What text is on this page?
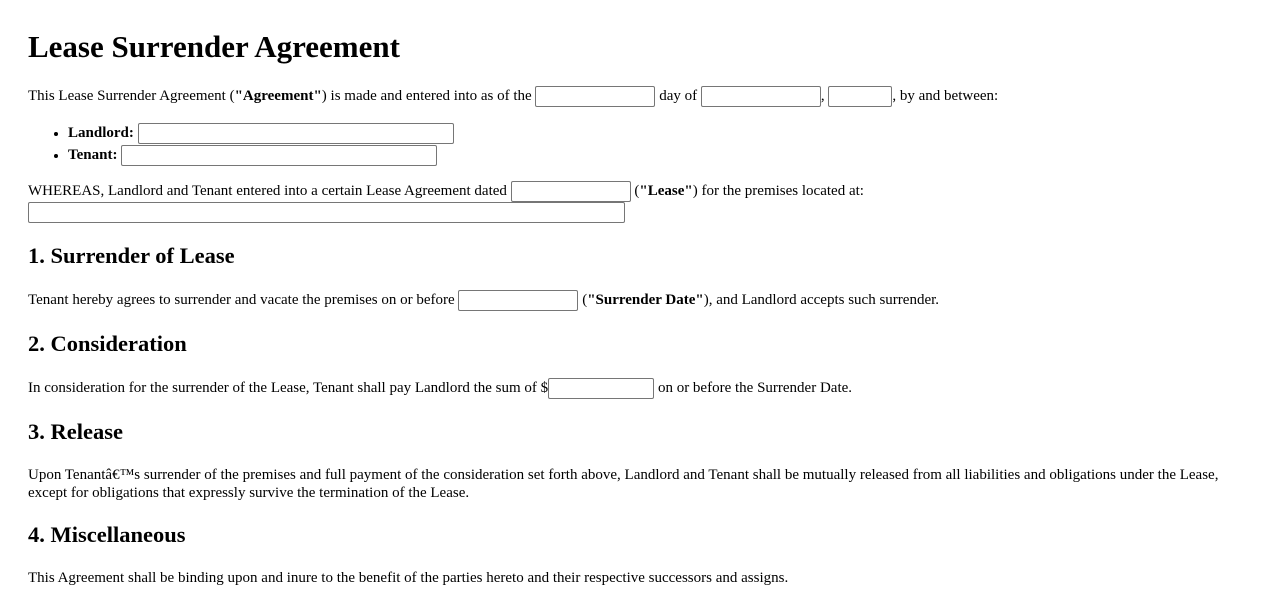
Lease Surrender Agreement
This Lease Surrender Agreement ("Agreement") is made and entered into as of the	day of	,	, by and between:
• Landlord:
• Tenant:
WHEREAS, Landlord and Tenant entered into a certain Lease Agreement dated	("Lease") for the premises located at:
1. Surrender of Lease
Tenant hereby agrees to surrender and vacate the premises on or before	("Surrender Date"), and Landlord accepts such surrender.
2. Consideration
In consideration for the surrender of the Lease, Tenant shall pay Landlord the sum of $	on or before the Surrender Date.
3. Release
Upon Tenantâ€™s surrender of the premises and full payment of the consideration set forth above, Landlord and Tenant shall be mutually released from all liabilities and obligations under the Lease, except for obligations that expressly survive the termination of the Lease.
4. Miscellaneous
This Agreement shall be binding upon and inure to the benefit of the parties hereto and their respective successors and assigns.
